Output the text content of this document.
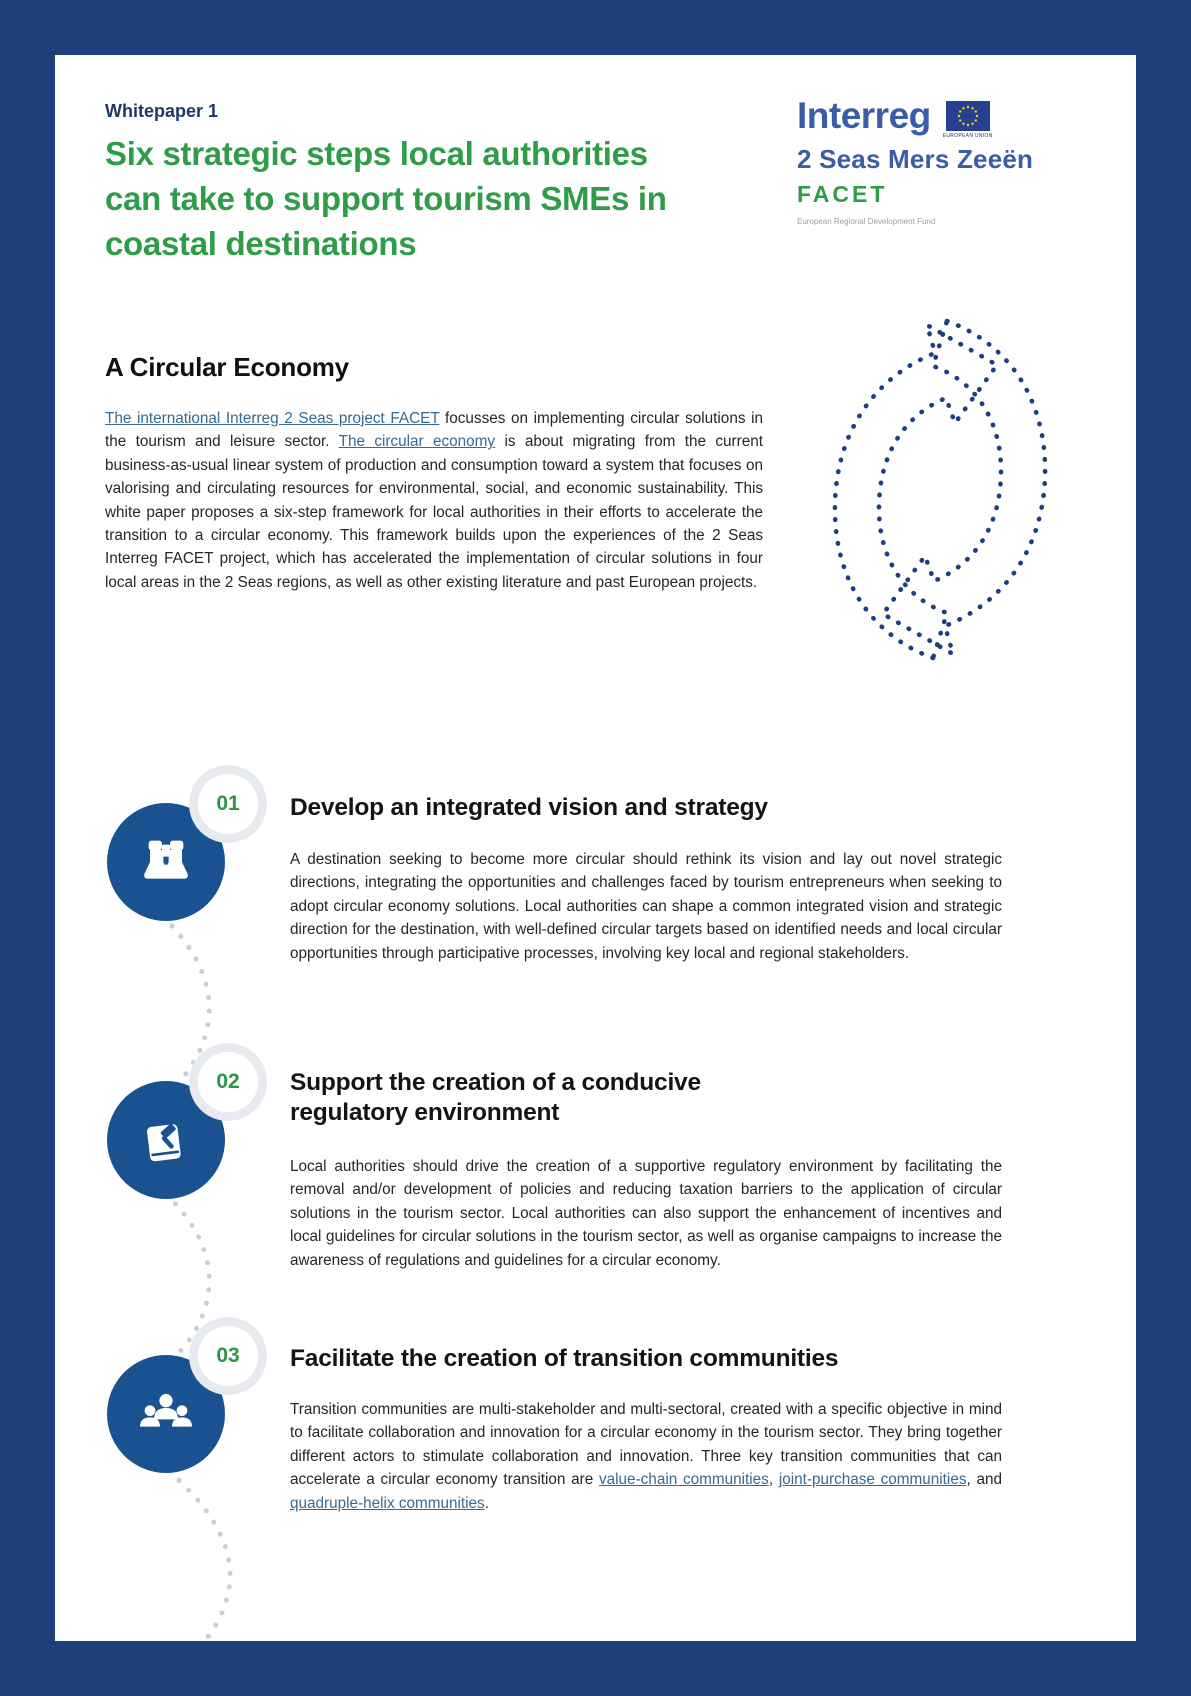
Whitepaper 1
Six strategic steps local authorities
can take to support tourism SMEs in
coastal destinations
Interreg EUROPEAN UNION
2 Seas Mers Zeeën
FACET
European Regional Development Fund
A Circular Economy
The international Interreg 2 Seas project FACET focusses on implementing circular solutions in the tourism and leisure sector. The circular economy is about migrating from the current business-as-usual linear system of production and consumption toward a system that focuses on valorising and circulating resources for environmental, social, and economic sustainability. This white paper proposes a six-step framework for local authorities in their efforts to accelerate the transition to a circular economy. This framework builds upon the experiences of the 2 Seas Interreg FACET project, which has accelerated the implementation of circular solutions in four local areas in the 2 Seas regions, as well as other existing literature and past European projects.
01 Develop an integrated vision and strategy
A destination seeking to become more circular should rethink its vision and lay out novel strategic directions, integrating the opportunities and challenges faced by tourism entrepreneurs when seeking to adopt circular economy solutions. Local authorities can shape a common integrated vision and strategic direction for the destination, with well-defined circular targets based on identified needs and local circular opportunities through participative processes, involving key local and regional stakeholders.
02 Support the creation of a conducive regulatory environment
Local authorities should drive the creation of a supportive regulatory environment by facilitating the removal and/or development of policies and reducing taxation barriers to the application of circular solutions in the tourism sector. Local authorities can also support the enhancement of incentives and local guidelines for circular solutions in the tourism sector, as well as organise campaigns to increase the awareness of regulations and guidelines for a circular economy.
03 Facilitate the creation of transition communities
Transition communities are multi-stakeholder and multi-sectoral, created with a specific objective in mind to facilitate collaboration and innovation for a circular economy in the tourism sector. They bring together different actors to stimulate collaboration and innovation. Three key transition communities that can accelerate a circular economy transition are value-chain communities, joint-purchase communities, and quadruple-helix communities.
